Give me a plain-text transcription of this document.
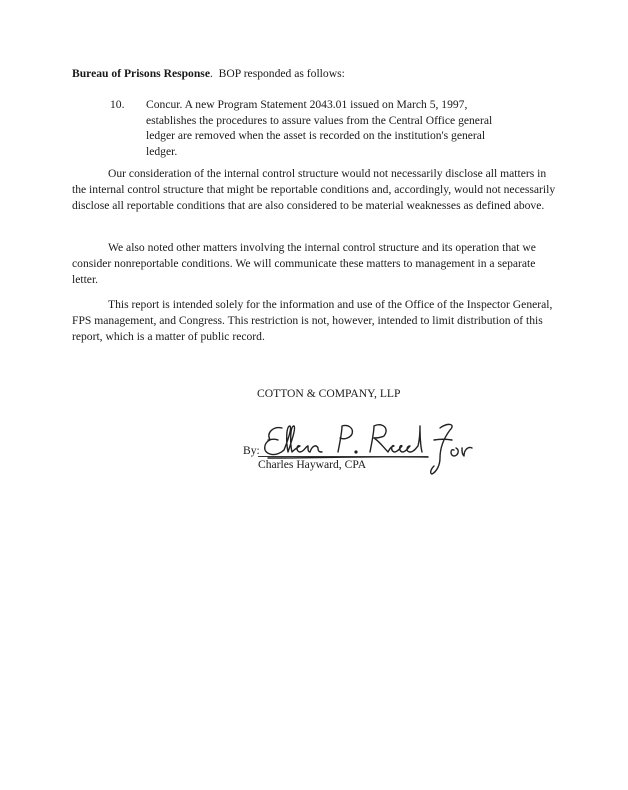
Bureau of Prisons Response.  BOP responded as follows:
10. Concur. A new Program Statement 2043.01 issued on March 5, 1997, establishes the procedures to assure values from the Central Office general ledger are removed when the asset is recorded on the institution's general ledger.

Our consideration of the internal control structure would not necessarily disclose all matters in the internal control structure that might be reportable conditions and, accordingly, would not necessarily disclose all reportable conditions that are also considered to be material weaknesses as defined above.

We also noted other matters involving the internal control structure and its operation that we consider nonreportable conditions. We will communicate these matters to management in a separate letter.

This report is intended solely for the information and use of the Office of the Inspector General, FPS management, and Congress. This restriction is not, however, intended to limit distribution of this report, which is a matter of public record.

COTTON & COMPANY, LLP
By:
Charles Hayward, CPA
